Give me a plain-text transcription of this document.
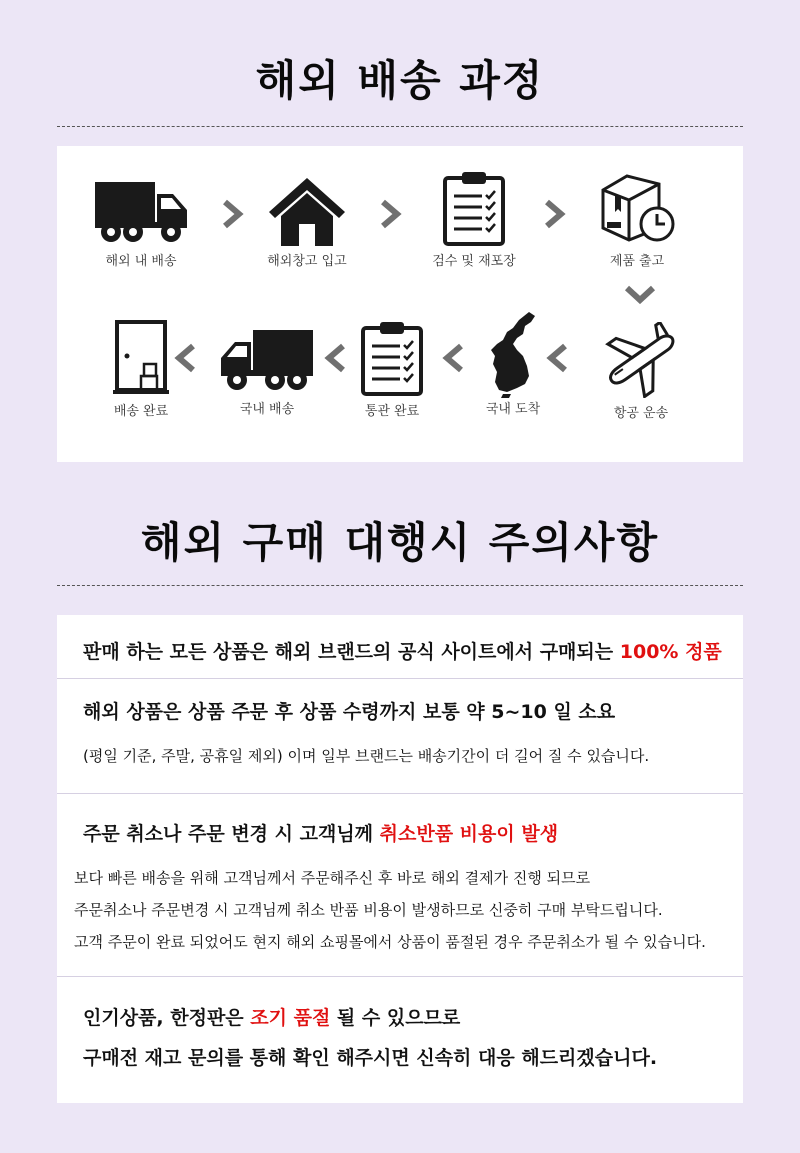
해외 배송 과정
해외 내 배송	해외창고 입고	검수 및 재포장	제품 출고
항공 운송
국내 도착
통관 완료
국내 배송
배송 완료
해외 구매 대행시 주의사항
판매 하는 모든 상품은 해외 브랜드의 공식 사이트에서 구매되는 100% 정품
해외 상품은 상품 주문 후 상품 수령까지 보통 약 5~10 일 소요
(평일 기준, 주말, 공휴일 제외) 이며 일부 브랜드는 배송기간이 더 길어 질 수 있습니다.
주문 취소나 주문 변경 시 고객님께 취소반품 비용이 발생
보다 빠른 배송을 위해 고객님께서 주문해주신 후 바로 해외 결제가 진행 되므로
주문취소나 주문변경 시 고객님께 취소 반품 비용이 발생하므로 신중히 구매 부탁드립니다.
고객 주문이 완료 되었어도 현지 해외 쇼핑몰에서 상품이 품절된 경우 주문취소가 될 수 있습니다.
인기상품, 한정판은 조기 품절 될 수 있으므로
구매전 재고 문의를 통해 확인 해주시면 신속히 대응 해드리겠습니다.
